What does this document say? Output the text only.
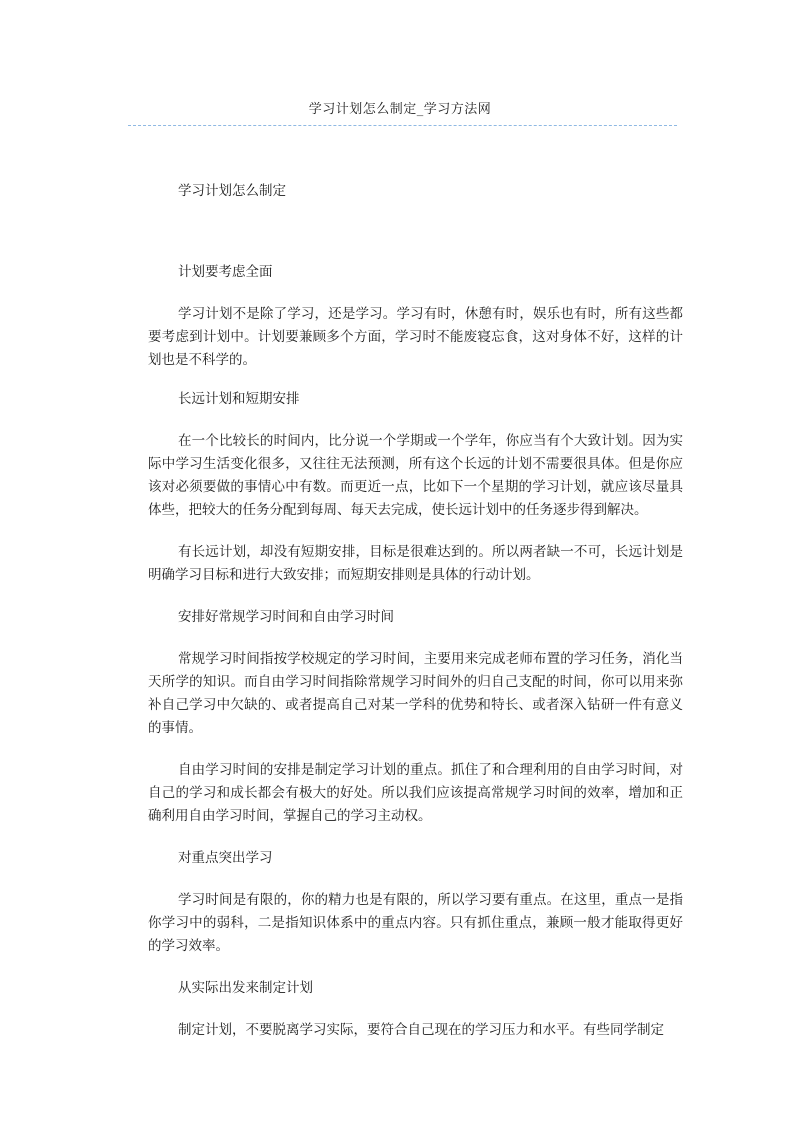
学习计划怎么制定_学习方法网

学习计划怎么制定

计划要考虑全面

学习计划不是除了学习，还是学习。学习有时，休憩有时，娱乐也有时，所有这些都要考虑到计划中。计划要兼顾多个方面，学习时不能废寝忘食，这对身体不好，这样的计划也是不科学的。

长远计划和短期安排

在一个比较长的时间内，比分说一个学期或一个学年，你应当有个大致计划。因为实际中学习生活变化很多，又往往无法预测，所有这个长远的计划不需要很具体。但是你应该对必须要做的事情心中有数。而更近一点，比如下一个星期的学习计划，就应该尽量具体些，把较大的任务分配到每周、每天去完成，使长远计划中的任务逐步得到解决。

有长远计划，却没有短期安排，目标是很难达到的。所以两者缺一不可，长远计划是明确学习目标和进行大致安排；而短期安排则是具体的行动计划。

安排好常规学习时间和自由学习时间

常规学习时间指按学校规定的学习时间，主要用来完成老师布置的学习任务，消化当天所学的知识。而自由学习时间指除常规学习时间外的归自己支配的时间，你可以用来弥补自己学习中欠缺的、或者提高自己对某一学科的优势和特长、或者深入钻研一件有意义的事情。

自由学习时间的安排是制定学习计划的重点。抓住了和合理利用的自由学习时间，对自己的学习和成长都会有极大的好处。所以我们应该提高常规学习时间的效率，增加和正确利用自由学习时间，掌握自己的学习主动权。

对重点突出学习

学习时间是有限的，你的精力也是有限的，所以学习要有重点。在这里，重点一是指你学习中的弱科，二是指知识体系中的重点内容。只有抓住重点，兼顾一般才能取得更好的学习效率。

从实际出发来制定计划

制定计划，不要脱离学习实际，要符合自己现在的学习压力和水平。有些同学制定
